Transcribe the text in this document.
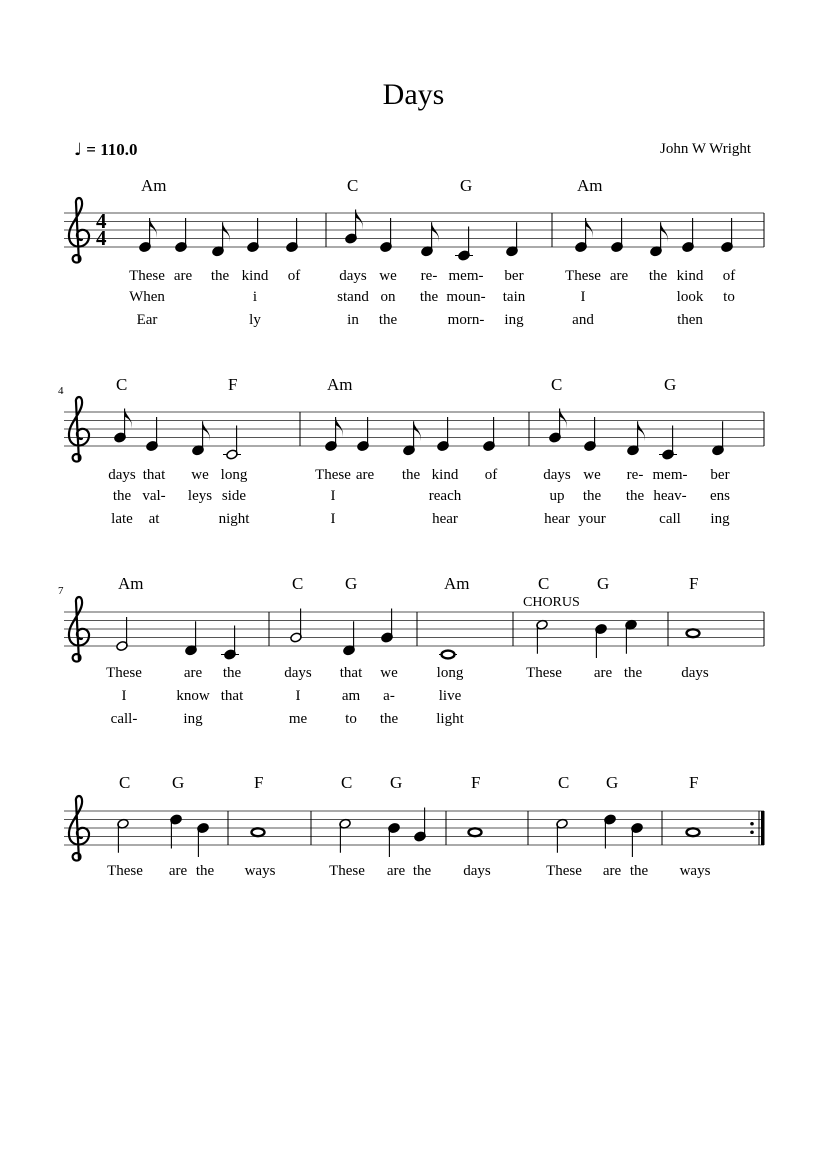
Days
♩ = 110.0	John W Wright
4
4
Am	C	G	Am
These are the kind of	days we re- mem- ber	These are the kind of
When	i	stand on the moun- tain	I	look to
Ear	ly	in the	morn- ing	and	then
4	C	F	Am	C	G
days that we long	These are the kind of	days we re- mem- ber
the val- leys side	I	reach	up the the heav- ens
late at	night	I	hear	hear your	call ing
7	Am	C G	Am	C	G	F
CHORUS
These	are the	days that we	long	These are the	days
I	know that	I	am a-	live
call-	ing	me	to the	light
C G	F	C G	F	C G	F
These are the ways	These are the days	These are the ways
